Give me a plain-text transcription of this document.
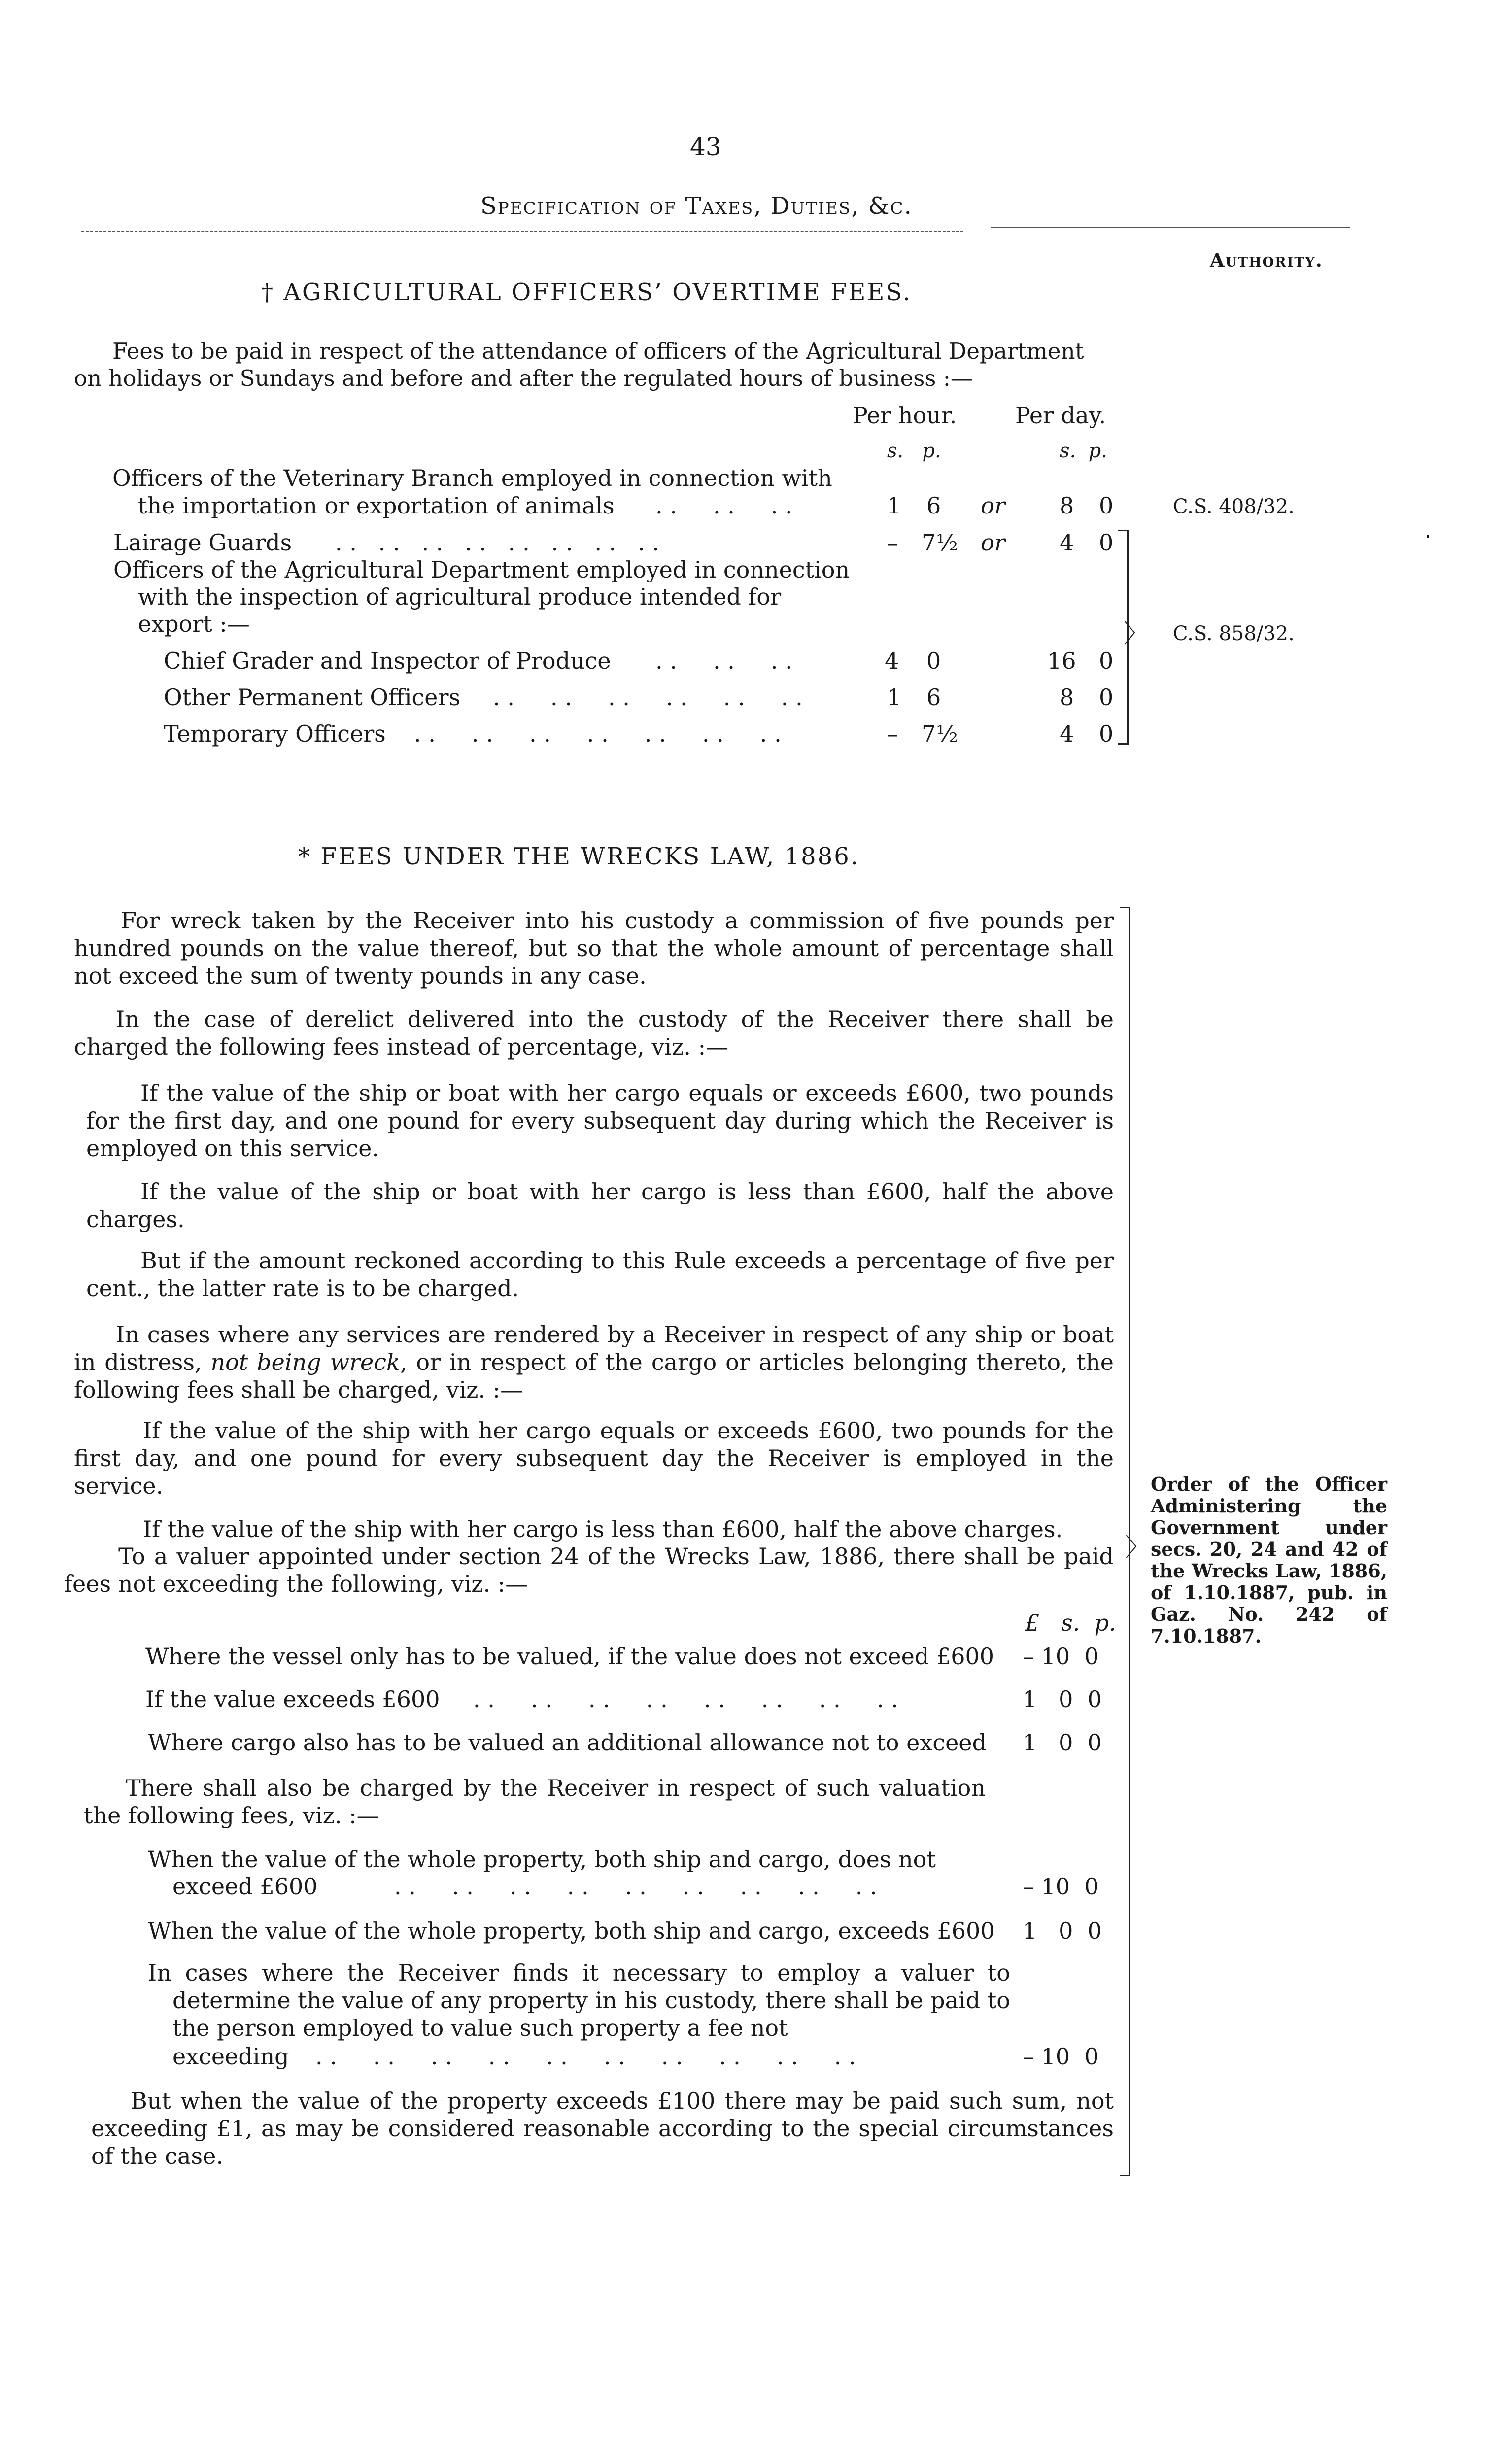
43
Specification of Taxes, Duties, &c.
Authority.
† AGRICULTURAL OFFICERS’ OVERTIME FEES.
Fees to be paid in respect of the attendance of officers of the Agricultural Department
on holidays or Sundays and before and after the regulated hours of business :—
Per hour.	Per day.
s.   p.	s.  p.
Officers of the Veterinary Branch employed in connection with
the importation or exportation of animals . .     . .     . .	1 6 or 8 0	C.S. 408/32.
Lairage Guards . .   . .   . .   . .   . .   . .   . .   . .	– 7½ or 4 0
Officers of the Agricultural Department employed in connection
with the inspection of agricultural produce intended for
export :—
Chief Grader and Inspector of Produce . .     . .     . .	4 0	16 0
Other Permanent Officers . .     . .     . .     . .     . .     . .	1 6	8 0
Temporary Officers . .     . .     . .     . .     . .     . .     . .	– 7½	4 0
〉 C.S. 858/32.
* FEES UNDER THE WRECKS LAW, 1886.
For wreck taken by the Receiver into his custody a commission of five pounds per hundred pounds on the value thereof, but so that the whole amount of percentage shall not exceed the sum of twenty pounds in any case.
In the case of derelict delivered into the custody of the Receiver there shall be charged the following fees instead of percentage, viz. :—
If the value of the ship or boat with her cargo equals or exceeds £600, two pounds for the first day, and one pound for every subsequent day during which the Receiver is employed on this service.
If the value of the ship or boat with her cargo is less than £600, half the above charges.
But if the amount reckoned according to this Rule exceeds a percentage of five per cent., the latter rate is to be charged.
In cases where any services are rendered by a Receiver in respect of any ship or boat in distress, not being wreck, or in respect of the cargo or articles belonging thereto, the following fees shall be charged, viz. :—
If the value of the ship with her cargo equals or exceeds £600, two pounds for the first day, and one pound for every subsequent day the Receiver is employed in the service.
If the value of the ship with her cargo is less than £600, half the above charges.
To a valuer appointed under section 24 of the Wrecks Law, 1886, there shall be paid fees not exceeding the following, viz. :—
£   s.  p.
Where the vessel only has to be valued, if the value does not exceed £600 – 10  0
If the value exceeds £600 . .     . .     . .     . .     . .     . .     . .     . .	1   0  0
Where cargo also has to be valued an additional allowance not to exceed 1   0  0
There shall also be charged by the Receiver in respect of such valuation the following fees, viz. :—
When the value of the whole property, both ship and cargo, does not
exceed £600	. .     . .     . .     . .     . .     . .     . .     . .     . .	– 10  0
When the value of the whole property, both ship and cargo, exceeds £600 1   0  0
In cases where the Receiver finds it necessary to employ a valuer to determine the value of any property in his custody, there shall be paid to the person employed to value such property a fee not
exceeding . .     . .     . .     . .     . .     . .     . .     . .     . .     . .	– 10  0
But when the value of the property exceeds £100 there may be paid such sum, not exceeding £1, as may be considered reasonable according to the special circumstances of the case.
〉
Order of the Officer Administering the Government under secs. 20, 24 and 42 of the Wrecks Law, 1886, of 1.10.1887, pub. in Gaz. No. 242 of 7.10.1887.
